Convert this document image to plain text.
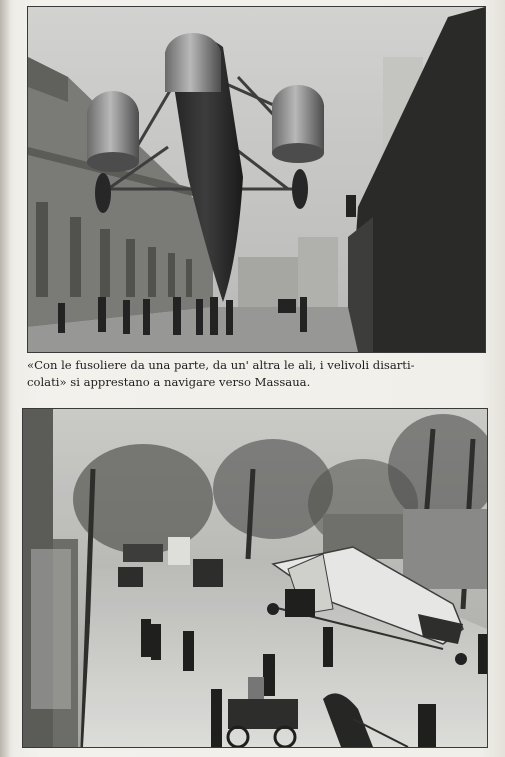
«Con le fusoliere da una parte, da un' altra le ali, i velivoli disarti-
colati» si apprestano a navigare verso Massaua.
